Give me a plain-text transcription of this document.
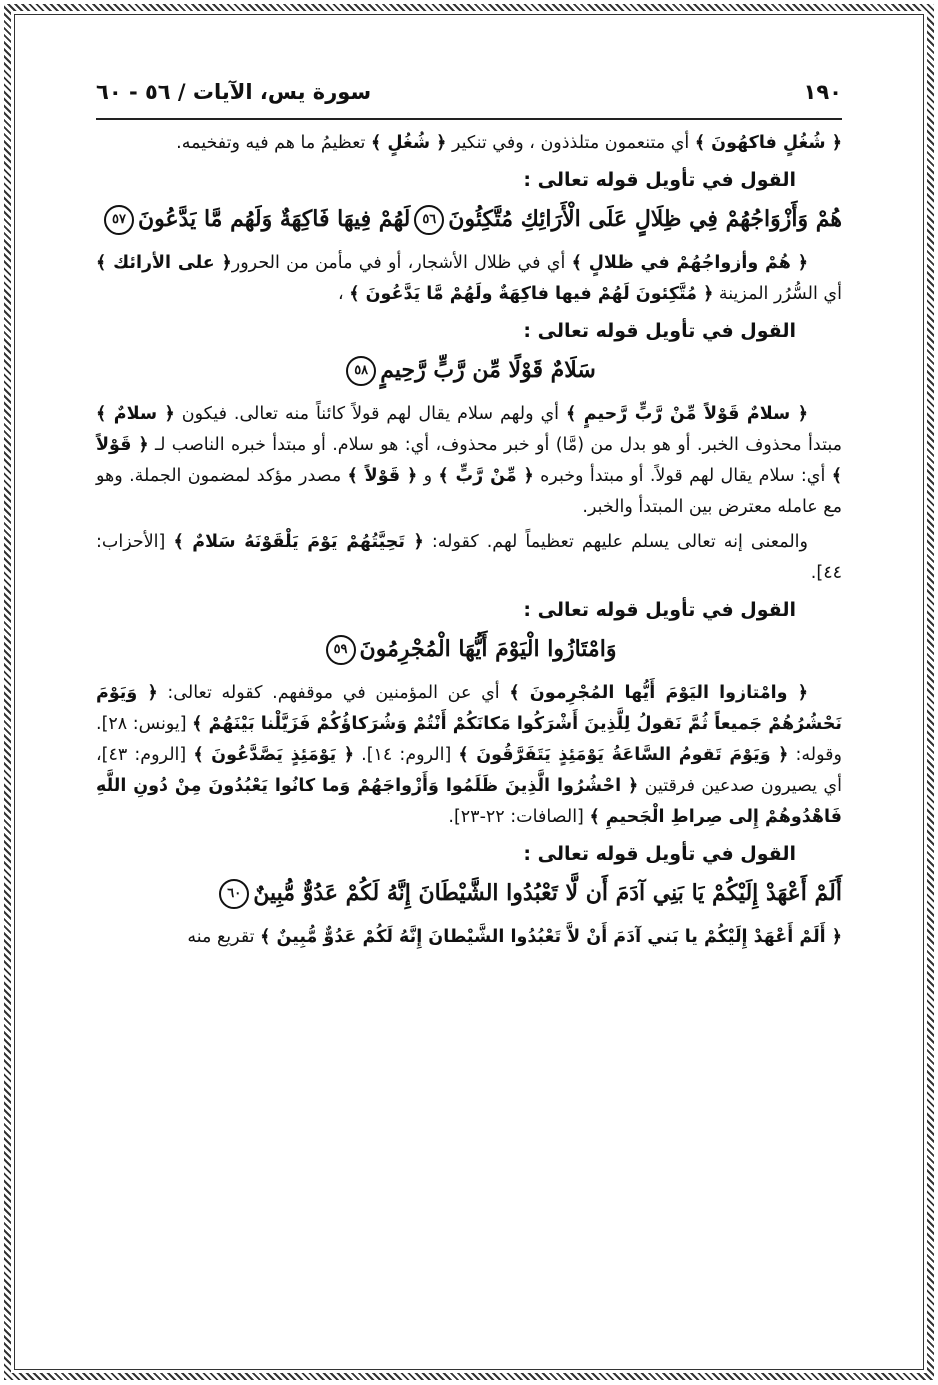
١٩٠
سورة يس، الآيات / ٥٦ - ٦٠

﴿ شُغُلٍ فاكهُونَ ﴾ أي متنعمون متلذذون ، وفي تنكير ﴿ شُغُلٍ ﴾ تعظيمُ ما هم فيه وتفخيمه.

القول في تأويل قوله تعالى :

هُمْ وَأَزْوَاجُهُمْ فِي ظِلَالٍ عَلَى الْأَرَائِكِ مُتَّكِئُونَ٥٦لَهُمْ فِيهَا فَاكِهَةٌ وَلَهُم مَّا يَدَّعُونَ٥٧

﴿ هُمْ وأزواجُهُمْ في ظلالٍ ﴾ أي في ظلال الأشجار، أو في مأمن من الحرور﴿ على الأرائك ﴾ أي السُّرُر المزينة ﴿ مُتَّكِئونَ لَهُمْ فيها فاكِهَةٌ ولَهُمْ مَّا يَدَّعُونَ ﴾ ،

القول في تأويل قوله تعالى :

سَلَامٌ قَوْلًا مِّن رَّبٍّ رَّحِيمٍ٥٨

﴿ سلامٌ قَوْلاً مِّنْ رَّبٍّ رَّحيمٍ ﴾ أي ولهم سلام يقال لهم قولاً كائناً منه تعالى. فيكون ﴿ سلامٌ ﴾ مبتدأ محذوف الخبر. أو هو بدل من (مَّا) أو خبر محذوف، أي: هو سلام. أو مبتدأ خبره الناصب لـ ﴿ قَوْلاً ﴾ أي: سلام يقال لهم قولاً. أو مبتدأ وخبره ﴿ مِّنْ رَّبٍّ ﴾ و ﴿ قَوْلاً ﴾ مصدر مؤكد لمضمون الجملة. وهو مع عامله معترض بين المبتدأ والخبر.

والمعنى إنه تعالى يسلم عليهم تعظيماً لهم. كقوله: ﴿ تَحِيَّتُهُمْ يَوْمَ يَلْقَوْنَهُ سَلامٌ ﴾ [الأحزاب: ٤٤].

القول في تأويل قوله تعالى :

وَامْتَازُوا الْيَوْمَ أَيُّهَا الْمُجْرِمُونَ٥٩

﴿ وامْتازوا اليَوْمَ أَيُّها المُجْرِمونَ ﴾ أي عن المؤمنين في موقفهم. كقوله تعالى: ﴿ وَيَوْمَ نَحْشُرُهُمْ جَميعاً ثُمَّ نَقولُ لِلَّذِينَ أَشْرَكُوا مَكانَكُمْ أَنْتُمْ وَشُرَكاؤُكُمْ فَزَيَّلْنا بَيْنَهُمْ ﴾ [يونس: ٢٨]. وقوله: ﴿ وَيَوْمَ تَقومُ السَّاعَةُ يَوْمَئِذٍ يَتَفَرَّقُونَ ﴾ [الروم: ١٤]. ﴿ يَوْمَئِذٍ يَصَّدَّعُونَ ﴾ [الروم: ٤٣]، أي يصيرون صدعين فرقتين ﴿ احْشُرُوا الَّذِينَ ظَلَمُوا وَأَزْواجَهُمْ وَما كانُوا يَعْبُدُونَ مِنْ دُونِ اللَّهِ فَاهْدُوهُمْ إِلى صِراطِ الْجَحيمِ ﴾ [الصافات: ٢٢-٢٣].

القول في تأويل قوله تعالى :

أَلَمْ أَعْهَدْ إِلَيْكُمْ يَا بَنِي آدَمَ أَن لَّا تَعْبُدُوا الشَّيْطَانَ إِنَّهُ لَكُمْ عَدُوٌّ مُّبِينٌ٦٠

﴿ أَلَمْ أَعْهَدْ إِلَيْكُمْ يا بَني آدَمَ أَنْ لاَّ تَعْبُدُوا الشَّيْطانَ إِنَّهُ لَكُمْ عَدُوٌّ مُّبِينٌ ﴾ تقريع منه
